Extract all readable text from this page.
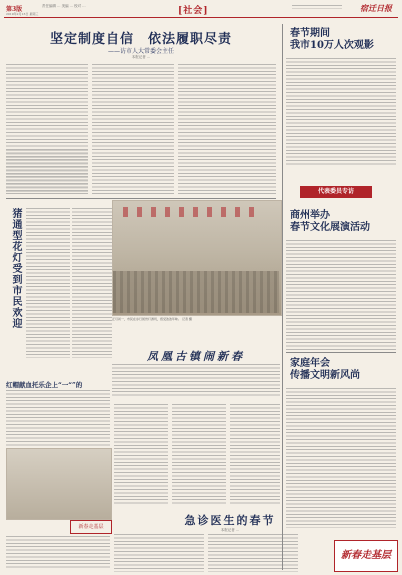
第3版
2019年2月13日 星期三
责任编辑 ... 美编 ... 校对 ...	[社会]	宿迁日报
坚定制度自信　依法履职尽责
——访市人大常委会主任
本报记者 ...
猪通型花灯受到市民欢迎	正月初一，市民在步行街赏灯游玩，感受浓浓年味。 记者 摄
凤凰古镇闹新春
红帽献血托乐企上“一“”的
新春走基层	急诊医生的春节
本报记者 ...
春节期间
我市10万人次观影
代表委员专访
商州举办
春节文化展演活动
家庭年会
传播文明新风尚
新春走基层
